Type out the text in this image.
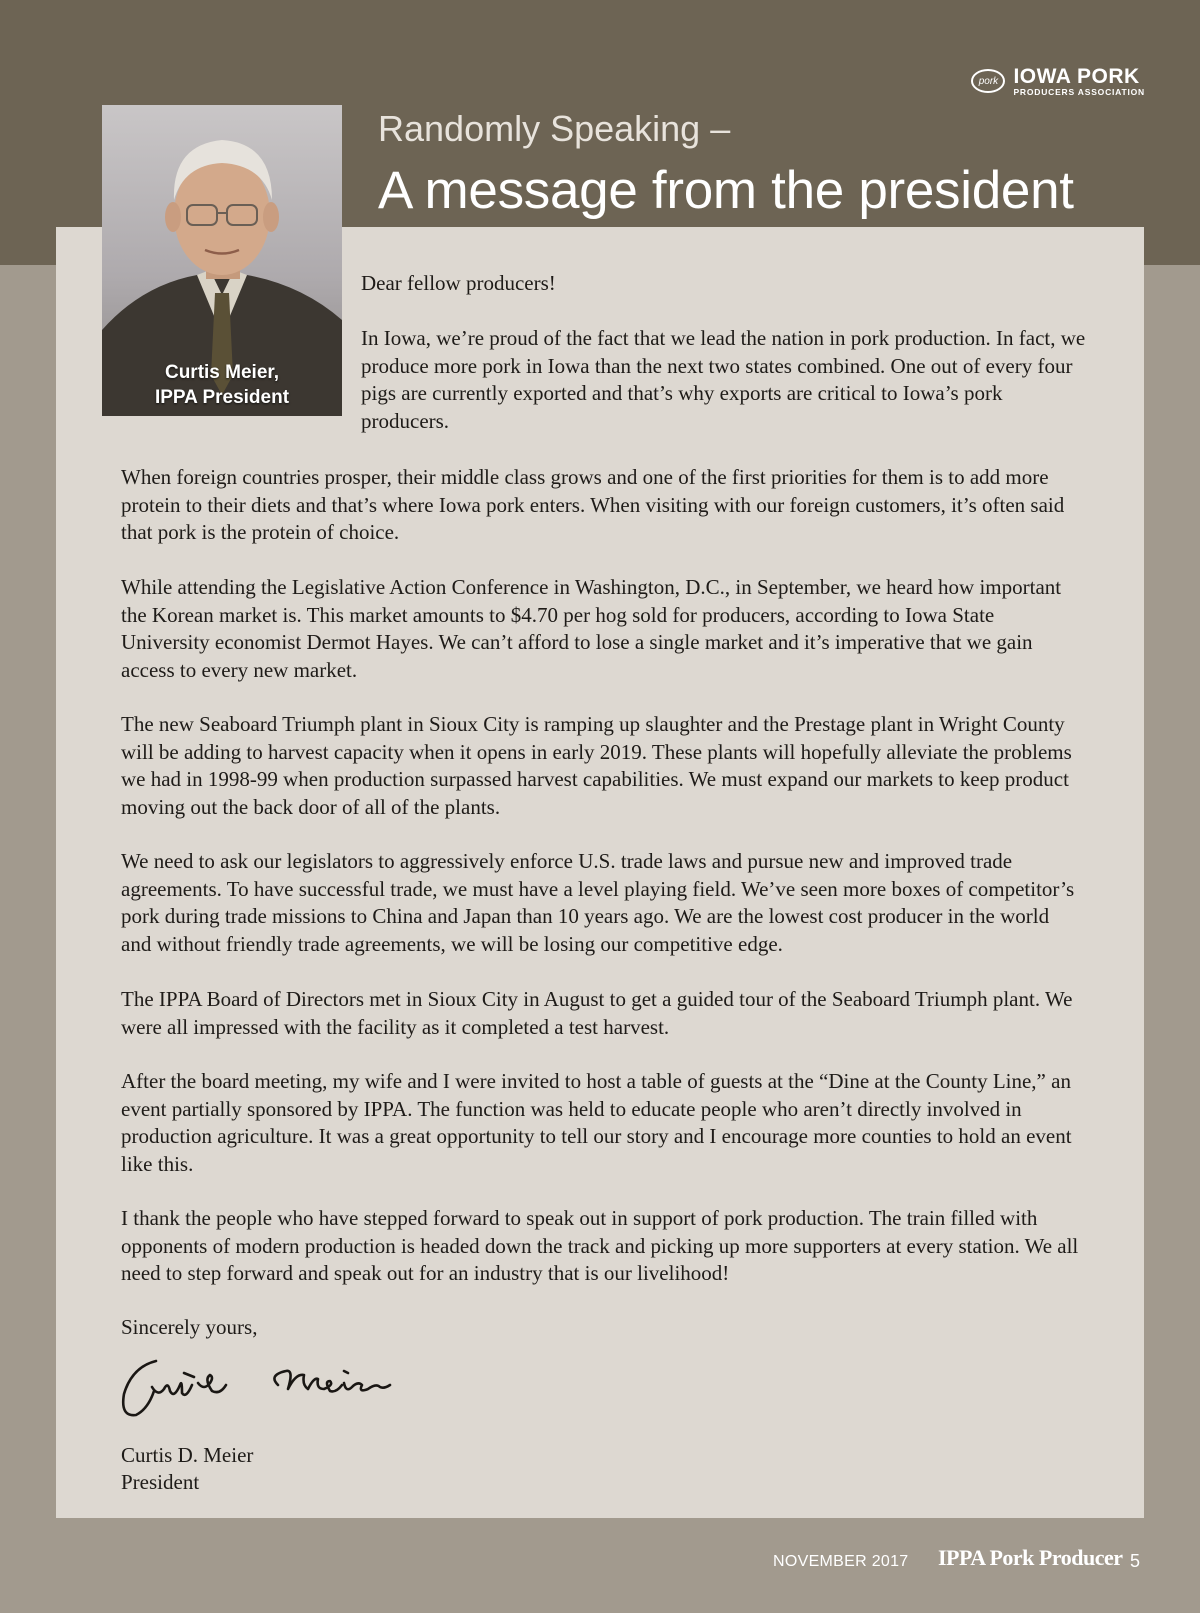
pork IOWA PORK
PRODUCERS ASSOCIATION
Randomly Speaking –
A message from the president
Curtis Meier,
IPPA President

Dear fellow producers!

In Iowa, we’re proud of the fact that we lead the nation in pork production. In fact, we produce more pork in Iowa than the next two states combined. One out of every four pigs are currently exported and that’s why exports are critical to Iowa’s pork producers.

When foreign countries prosper, their middle class grows and one of the first priorities for them is to add more protein to their diets and that’s where Iowa pork enters. When visiting with our foreign customers, it’s often said that pork is the protein of choice.

While attending the Legislative Action Conference in Washington, D.C., in September, we heard how important the Korean market is. This market amounts to $4.70 per hog sold for producers, according to Iowa State University economist Dermot Hayes. We can’t afford to lose a single market and it’s imperative that we gain access to every new market.

The new Seaboard Triumph plant in Sioux City is ramping up slaughter and the Prestage plant in Wright County will be adding to harvest capacity when it opens in early 2019. These plants will hopefully alleviate the problems we had in 1998-99 when production surpassed harvest capabilities. We must expand our markets to keep product moving out the back door of all of the plants.

We need to ask our legislators to aggressively enforce U.S. trade laws and pursue new and improved trade agreements. To have successful trade, we must have a level playing field. We’ve seen more boxes of competitor’s pork during trade missions to China and Japan than 10 years ago. We are the lowest cost producer in the world and without friendly trade agreements, we will be losing our competitive edge.

The IPPA Board of Directors met in Sioux City in August to get a guided tour of the Seaboard Triumph plant. We were all impressed with the facility as it completed a test harvest.

After the board meeting, my wife and I were invited to host a table of guests at the “Dine at the County Line,” an event partially sponsored by IPPA. The function was held to educate people who aren’t directly involved in production agriculture. It was a great opportunity to tell our story and I encourage more counties to hold an event like this.

I thank the people who have stepped forward to speak out in support of pork production. The train filled with opponents of modern production is headed down the track and picking up more supporters at every station. We all need to step forward and speak out for an industry that is our livelihood!

Sincerely yours,

Curtis D. Meier

President

NOVEMBER 2017 IPPA Pork Producer 5
